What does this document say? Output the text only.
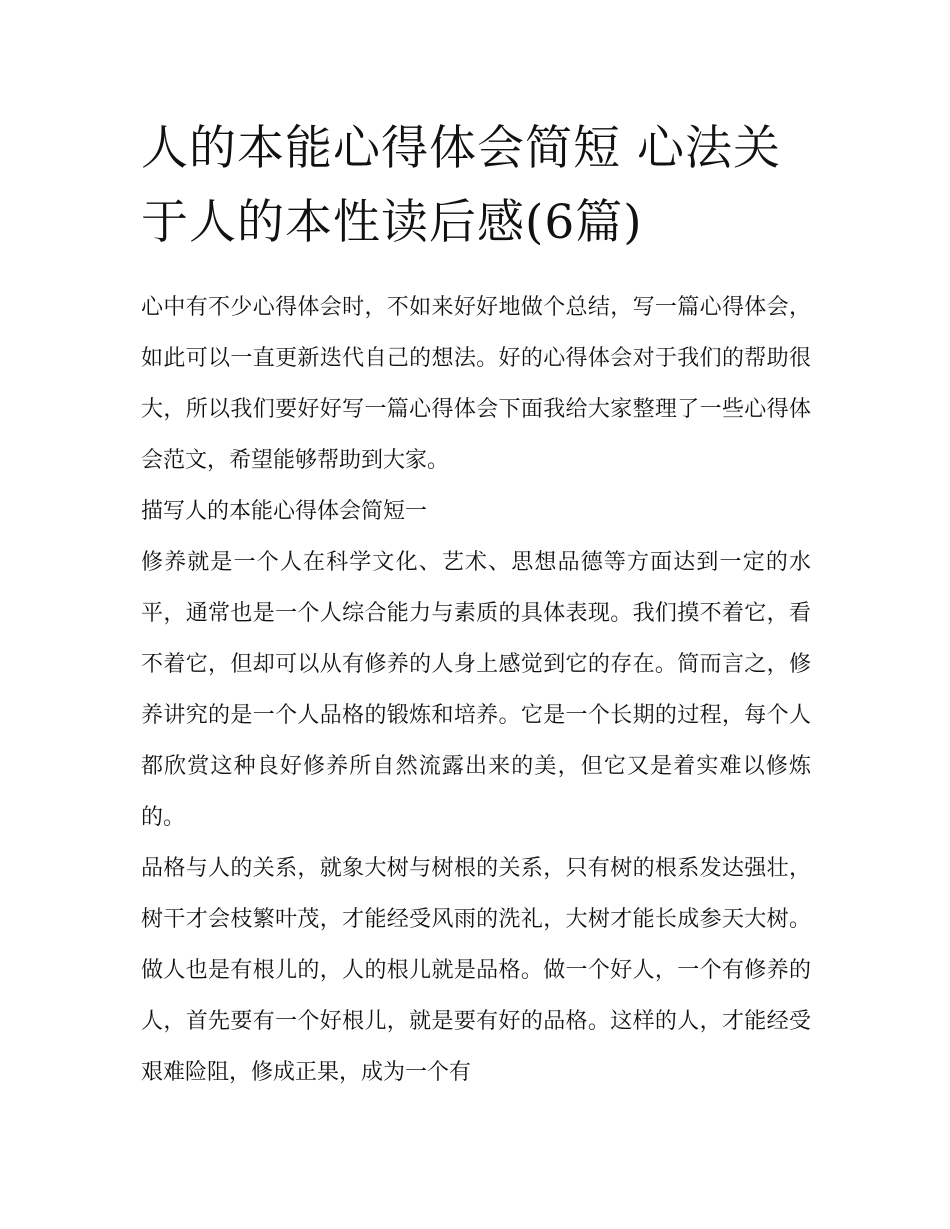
人的本能心得体会简短 心法关于人的本性读后感(6篇)

心中有不少心得体会时，不如来好好地做个总结，写一篇心得体会，如此可以一直更新迭代自己的想法。好的心得体会对于我们的帮助很大，所以我们要好好写一篇心得体会下面我给大家整理了一些心得体会范文，希望能够帮助到大家。

描写人的本能心得体会简短一

修养就是一个人在科学文化、艺术、思想品德等方面达到一定的水平，通常也是一个人综合能力与素质的具体表现。我们摸不着它，看不着它，但却可以从有修养的人身上感觉到它的存在。简而言之，修养讲究的是一个人品格的锻炼和培养。它是一个长期的过程，每个人都欣赏这种良好修养所自然流露出来的美，但它又是着实难以修炼的。

品格与人的关系，就象大树与树根的关系，只有树的根系发达强壮，树干才会枝繁叶茂，才能经受风雨的洗礼，大树才能长成参天大树。做人也是有根儿的，人的根儿就是品格。做一个好人，一个有修养的人，首先要有一个好根儿，就是要有好的品格。这样的人，才能经受艰难险阻，修成正果，成为一个有
